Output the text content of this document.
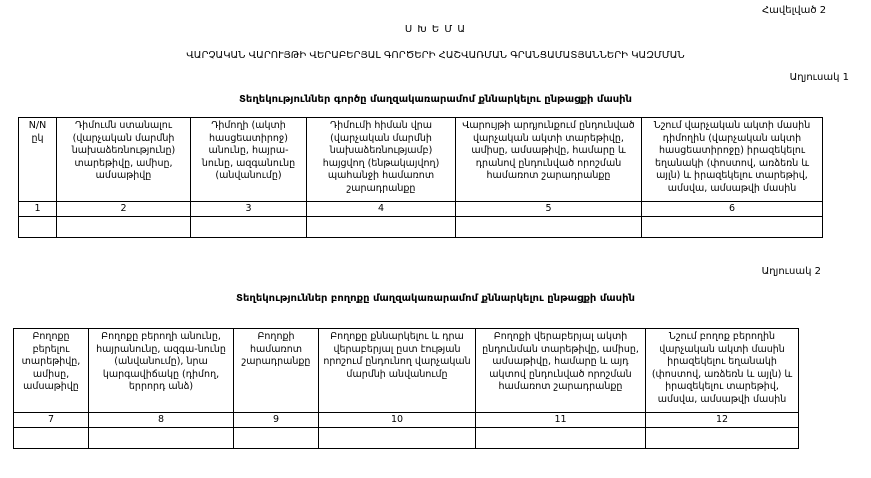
Հավելված 2
Ս Խ Ե Մ Ա
ՎԱՐՉԱԿԱՆ ՎԱՐՈՒՅԹԻ ՎԵՐԱԲԵՐՅԱԼ ԳՈՐԾԵՐԻ ՀԱՇՎԱՌՄԱՆ ԳՐԱՆՑԱՄԱՏՅԱՆՆԵՐԻ ԿԱԶՄՄԱՆ
Աղյուսակ 1
Տեղեկություններ գործը մաղզակառարամոմ քննարկելու ընթացքի մասին
N/N ըկ	Դիմումն ստանալու (վարչական մարմնի նախաձեռնությունը) տարեթիվը, ամիսը, ամսաթիվը	Դիմողի (ակտի հասցեատիրոջ) անունը, հայրա-նունը, ազգանունը (անվանումը)	Դիմումի հիման վրա (վարչական մարմնի նախաձեռնությամբ) հայցվող (ենթակայվող) պահանջի համառոտ շարադրանքը	Վարույթի արդյունքում ընդունված վարչական ակտի տարեթիվը, ամիսը, ամսաթիվը, համարը և դրանով ընդունված որոշման համառոտ շարադրանքը	Նշում վարչական ակտի մասին դիմողին (վարչական ակտի հասցեատիրոջը) իրազեկելու եղանակի (փոստով, առձեռն և այլն) և իրազեկելու տարեթիվ, ամսվա, ամսաթվի մասին
1	2	3	4	5	6

Աղյուսակ 2
Տեղեկություններ բողոքը մաղզակառարամոմ քննարկելու ընթացքի մասին
Բողոքը բերելու տարեթիվը, ամիսը, ամսաթիվը	Բողոքը բերողի անունը, հայրանունը, ազգա-նունը (անվանումը), նրա կարգավիճակը (դիմող, երրորդ անձ)	Բողոքի համառոտ շարադրանքը	Բողոքը քննարկելու և դրա վերաբերյալ ըստ էության որոշում ընդունող վարչական մարմնի անվանումը	Բողոքի վերաբերյալ ակտի ընդունման տարեթիվը, ամիսը, ամսաթիվը, համարը և այդ ակտով ընդունված որոշման համառոտ շարադրանքը	Նշում բողոք բերողին վարչական ակտի մասին իրազեկելու եղանակի (փոստով, առձեռն և այլն) և իրազեկելու տարեթիվ, ամսվա, ամսաթվի մասին
7	8	9	10	11	12
